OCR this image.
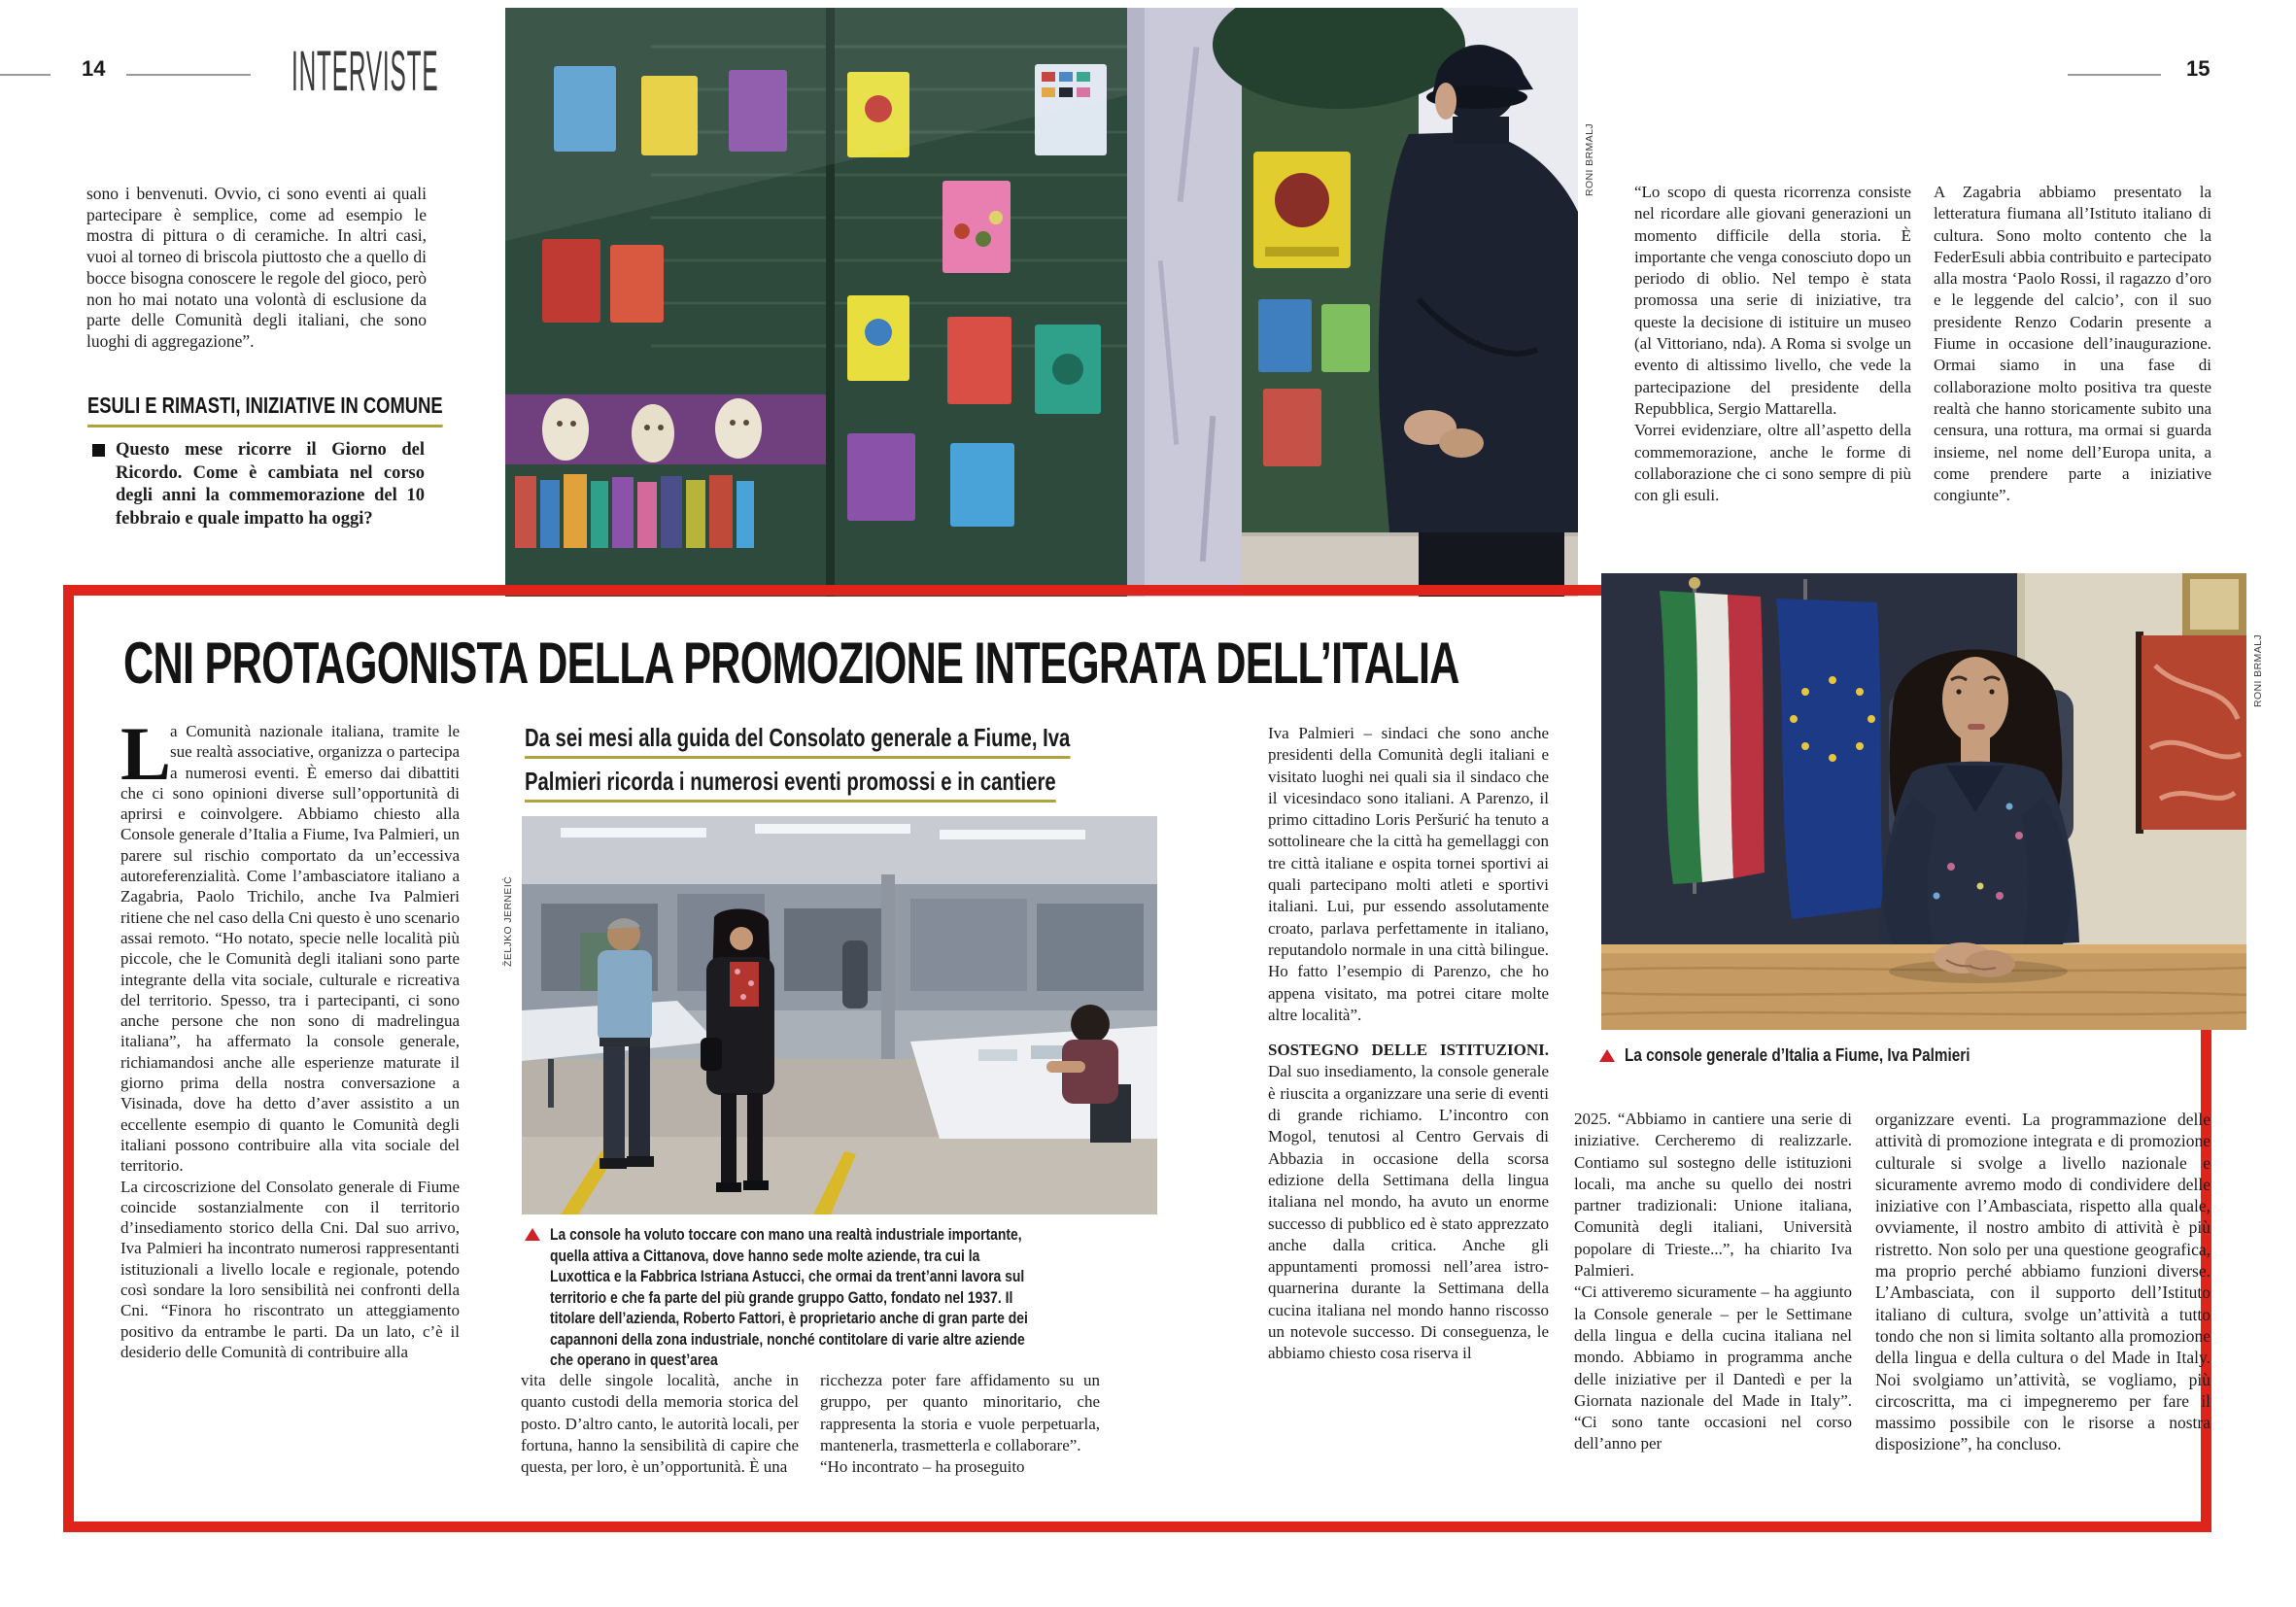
14	INTERVISTE	15
RONI BRMALJ

sono i benvenuti. Ovvio, ci sono eventi ai quali partecipare è semplice, come ad esempio le mostra di pittura o di ceramiche. In altri casi, vuoi al torneo di briscola piuttosto che a quello di bocce bisogna conoscere le regole del gioco, però non ho mai notato una volontà di esclusione da parte delle Comunità degli italiani, che sono luoghi di aggregazione”.

ESULI E RIMASTI, INIZIATIVE IN COMUNE
Questo mese ricorre il Giorno del Ricordo. Come è cambiata nel corso degli anni la commemorazione del 10 febbraio e quale impatto ha oggi?

“Lo scopo di questa ricorrenza consiste nel ricordare alle giovani generazioni un momento difficile della storia. È importante che venga conosciuto dopo un periodo di oblio. Nel tempo è stata promossa una serie di iniziative, tra queste la decisione di istituire un museo (al Vittoriano, nda). A Roma si svolge un evento di altissimo livello, che vede la partecipazione del presidente della Repubblica, Sergio Mattarella.

Vorrei evidenziare, oltre all’aspetto della commemorazione, anche le forme di collaborazione che ci sono sempre di più con gli esuli.

A Zagabria abbiamo presentato la letteratura fiumana all’Istituto italiano di cultura. Sono molto contento che la FederEsuli abbia contribuito e partecipato alla mostra ‘Paolo Rossi, il ragazzo d’oro e le leggende del calcio’, con il suo presidente Renzo Codarin presente a Fiume in occasione dell’inaugurazione. Ormai siamo in una fase di collaborazione molto positiva tra queste realtà che hanno storicamente subito una censura, una rottura, ma ormai si guarda insieme, nel nome dell’Europa unita, a come prendere parte a iniziative congiunte”.

CNI PROTAGONISTA DELLA PROMOZIONE INTEGRATA DELL’ITALIA
Da sei mesi alla guida del Consolato generale a Fiume, Iva
Palmieri ricorda i numerosi eventi promossi e in cantiere

L
a Comunità nazionale italiana, tramite le sue realtà associative, organizza o partecipa a numerosi eventi. È emerso dai dibattiti che ci sono opinioni diverse sull’opportunità di aprirsi e coinvolgere. Abbiamo chiesto alla Console generale d’Italia a Fiume, Iva Palmieri, un parere sul rischio comportato da un’eccessiva autoreferenzialità. Come l’ambasciatore italiano a Zagabria, Paolo Trichilo, anche Iva Palmieri ritiene che nel caso della Cni questo è uno scenario assai remoto. “Ho notato, specie nelle località più piccole, che le Comunità degli italiani sono parte integrante della vita sociale, culturale e ricreativa del territorio. Spesso, tra i partecipanti, ci sono anche persone che non sono di madrelingua italiana”, ha affermato la console generale, richiamandosi anche alle esperienze maturate il giorno prima della nostra conversazione a Visinada, dove ha detto d’aver assistito a un eccellente esempio di quanto le Comunità degli italiani possono contribuire alla vita sociale del territorio.

La circoscrizione del Consolato generale di Fiume coincide sostanzialmente con il territorio d’insediamento storico della Cni. Dal suo arrivo, Iva Palmieri ha incontrato numerosi rappresentanti istituzionali a livello locale e regionale, potendo così sondare la loro sensibilità nei confronti della Cni. “Finora ho riscontrato un atteggiamento positivo da entrambe le parti. Da un lato, c’è il desiderio delle Comunità di contribuire alla

ŽELJKO JERNEIĆ
La console ha voluto toccare con mano una realtà industriale importante, quella attiva a Cittanova, dove hanno sede molte aziende, tra cui la Luxottica e la Fabbrica Istriana Astucci, che ormai da trent’anni lavora sul territorio e che fa parte del più grande gruppo Gatto, fondato nel 1937. Il titolare dell’azienda, Roberto Fattori, è proprietario anche di gran parte dei capannoni della zona industriale, nonché contitolare di varie altre aziende che operano in quest’area

vita delle singole località, anche in quanto custodi della memoria storica del posto. D’altro canto, le autorità locali, per fortuna, hanno la sensibilità di capire che questa, per loro, è un’opportunità. È una

ricchezza poter fare affidamento su un gruppo, per quanto minoritario, che rappresenta la storia e vuole perpetuarla, mantenerla, trasmetterla e collaborare”.

“Ho incontrato – ha proseguito

Iva Palmieri – sindaci che sono anche presidenti della Comunità degli italiani e visitato luoghi nei quali sia il sindaco che il vicesindaco sono italiani. A Parenzo, il primo cittadino Loris Peršurić ha tenuto a sottolineare che la città ha gemellaggi con tre città italiane e ospita tornei sportivi ai quali partecipano molti atleti e sportivi italiani. Lui, pur essendo assolutamente croato, parlava perfettamente in italiano, reputandolo normale in una città bilingue. Ho fatto l’esempio di Parenzo, che ho appena visitato, ma potrei citare molte altre località”.

SOSTEGNO DELLE ISTITUZIONI. Dal suo insediamento, la console generale è riuscita a organizzare una serie di eventi di grande richiamo. L’incontro con Mogol, tenutosi al Centro Gervais di Abbazia in occasione della scorsa edizione della Settimana della lingua italiana nel mondo, ha avuto un enorme successo di pubblico ed è stato apprezzato anche dalla critica. Anche gli appuntamenti promossi nell’area istro-quarnerina durante la Settimana della cucina italiana nel mondo hanno riscosso un notevole successo. Di conseguenza, le abbiamo chiesto cosa riserva il

2025. “Abbiamo in cantiere una serie di iniziative. Cercheremo di realizzarle. Contiamo sul sostegno delle istituzioni locali, ma anche su quello dei nostri partner tradizionali: Unione italiana, Comunità degli italiani, Università popolare di Trieste...”, ha chiarito Iva Palmieri.

“Ci attiveremo sicuramente – ha aggiunto la Console generale – per le Settimane della lingua e della cucina italiana nel mondo. Abbiamo in programma anche delle iniziative per il Dantedì e per la Giornata nazionale del Made in Italy”. “Ci sono tante occasioni nel corso dell’anno per

organizzare eventi. La programmazione delle attività di promozione integrata e di promozione culturale si svolge a livello nazionale e sicuramente avremo modo di condividere delle iniziative con l’Ambasciata, rispetto alla quale, ovviamente, il nostro ambito di attività è più ristretto. Non solo per una questione geografica, ma proprio perché abbiamo funzioni diverse. L’Ambasciata, con il supporto dell’Istituto italiano di cultura, svolge un’attività a tutto tondo che non si limita soltanto alla promozione della lingua e della cultura o del Made in Italy. Noi svolgiamo un’attività, se vogliamo, più circoscritta, ma ci impegneremo per fare il massimo possibile con le risorse a nostra disposizione”, ha concluso.

RONI BRMALJ
La console generale d’Italia a Fiume, Iva Palmieri
